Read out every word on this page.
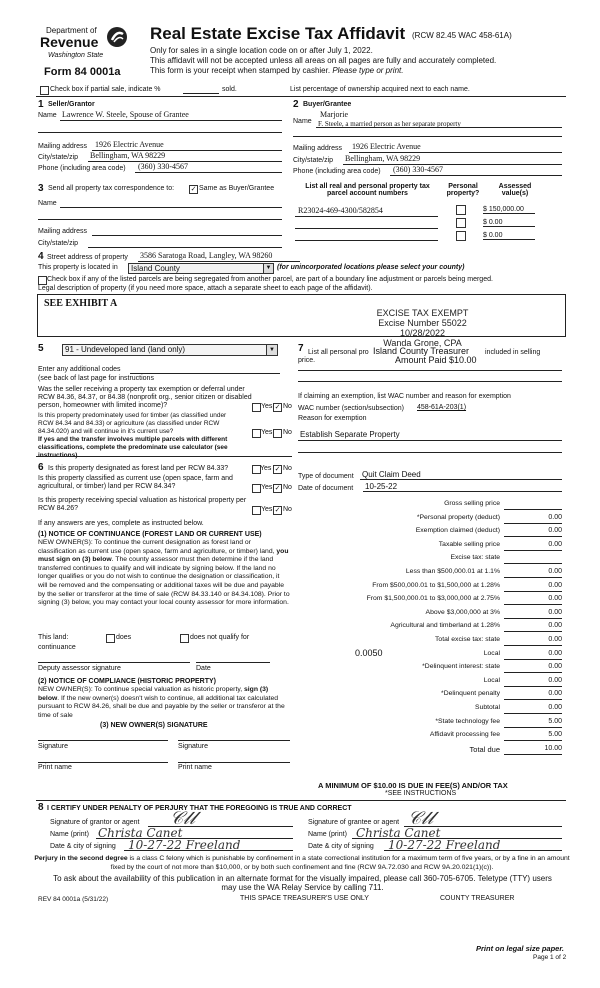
Department of
Revenue
Washington State
Form 84 0001a
Real Estate Excise Tax Affidavit (RCW 82.45 WAC 458-61A)
Only for sales in a single location code on or after July 1, 2022.
This affidavit will not be accepted unless all areas on all pages are fully and accurately completed.
This form is your receipt when stamped by cashier. Please type or print.
Check box if partial sale, indicate %	sold.	List percentage of ownership acquired next to each name.
1 Seller/Grantor
Name Lawrence W. Steele, Spouse of Grantee
Mailing address 1926 Electric Avenue
City/state/zip Bellingham, WA 98229
Phone (including area code) (360) 330-4567
2 Buyer/Grantee
Name
Marjorie
F. Steele, a married person as her separate property
Mailing address 1926 Electric Avenue
City/state/zip Bellingham, WA 98229
Phone (including area code) (360) 330-4567
3 Send all property tax correspondence to: ✓ Same as Buyer/Grantee
Name
Mailing address
City/state/zip
List all real and personal property tax parcel account numbers
Personal property?
Assessed value(s)
R23024-469-4300/582854	$ 150,000.00
$ 0.00
$ 0.00
4 Street address of property 3586 Saratoga Road, Langley, WA 98260
This property is located in Island County	▼ (for unincorporated locations please select your county)
Check box if any of the listed parcels are being segregated from another parcel, are part of a boundary line adjustment or parcels being merged.
Legal description of property (if you need more space, attach a separate sheet to each page of the affidavit).
SEE EXHIBIT A
EXCISE TAX EXEMPT
Excise Number 55022
10/28/2022
Wanda Grone, CPA
5	91 - Undeveloped land (land only)	▼
Enter any additional codes
(see back of last page for instructions
Was the seller receiving a property tax exemption or deferral under RCW 84.36, 84.37, or 84.38 (nonprofit org., senior citizen or disabled person, homeowner with limited income)?	Yes ✓ No
Is this property predominately used for timber (as classified under RCW 84.34 and 84.33) or agriculture (as classified under RCW 84.34.020) and will continue in it's current use?
If yes and the transfer involves multiple parcels with different classifications, complete the predominate use calculator (see instructions)
Yes No
7 List all personal pro Island County Treasurer included in selling
price.	Amount Paid $10.00
If claiming an exemption, list WAC number and reason for exemption
WAC number (section/subsection) 458-61A-203(1)
Reason for exemption
Establish Separate Property
6 Is this property designated as forest land per RCW 84.33?	Yes ✓ No
Is this property classified as current use (open space, farm and agricultural, or timber) land per RCW 84.34?	Yes ✓ No
Is this property receiving special valuation as historical property per RCW 84.26?	Yes ✓ No
If any answers are yes, complete as instructed below.
(1) NOTICE OF CONTINUANCE (FOREST LAND OR CURRENT USE)
NEW OWNER(S): To continue the current designation as forest land or classification as current use (open space, farm and agriculture, or timber) land, you must sign on (3) below. The county assessor must then determine if the land transferred continues to qualify and will indicate by signing below. If the land no longer qualifies or you do not wish to continue the designation or classification, it will be removed and the compensating or additional taxes will be due and payable by the seller or transferor at the time of sale (RCW 84.33.140 or 84.34.108). Prior to signing (3) below, you may contact your local county assessor for more information.
This land:	does	does not qualify for
continuance
Deputy assessor signature	Date
(2) NOTICE OF COMPLIANCE (HISTORIC PROPERTY)
NEW OWNER(S): To continue special valuation as historic property, sign (3) below. If the new owner(s) doesn't wish to continue, all additional tax calculated pursuant to RCW 84.26, shall be due and payable by the seller or transferor at the time of sale
(3) NEW OWNER(S) SIGNATURE
Signature	Signature
Print name	Print name
Type of document Quit Claim Deed
Date of document 10-25-22
Gross selling price
*Personal property (deduct)	0.00
Exemption claimed (deduct)	0.00
Taxable selling price	0.00
Excise tax: state
Less than $500,000.01 at 1.1%	0.00
From $500,000.01 to $1,500,000 at 1.28%	0.00
From $1,500,000.01 to $3,000,000 at 2.75%	0.00
Above $3,000,000 at 3%	0.00
Agricultural and timberland at 1.28%	0.00
Total excise tax: state	0.00
Local	0.00
*Delinquent interest: state	0.00
Local	0.00
*Delinquent penalty	0.00
Subtotal	0.00
*State technology fee	5.00
Affidavit processing fee	5.00
Total due	10.00
0.0050
A MINIMUM OF $10.00 IS DUE IN FEE(S) AND/OR TAX
*SEE INSTRUCTIONS
8 I CERTIFY UNDER PENALTY OF PERJURY THAT THE FOREGOING IS TRUE AND CORRECT
Signature of grantor or agent 𝒞𝓁𝓁
Name (print) Christa Canet
Date & city of signing 10-27-22 Freeland
Signature of grantee or agent 𝒞𝓁𝓁
Name (print) Christa Canet
Date & city of signing 10-27-22 Freeland
Perjury in the second degree is a class C felony which is punishable by confinement in a state correctional institution for a maximum term of five years, or by a fine in an amount fixed by the court of not more than $10,000, or by both such confinement and fine (RCW 9A.72.030 and RCW 9A.20.021(1)(c)).
To ask about the availability of this publication in an alternate format for the visually impaired, please call 360-705-6705. Teletype (TTY) users may use the WA Relay Service by calling 711.
REV 84 0001a (5/31/22)	THIS SPACE TREASURER'S USE ONLY	COUNTY TREASURER
Print on legal size paper.
Page 1 of 2
